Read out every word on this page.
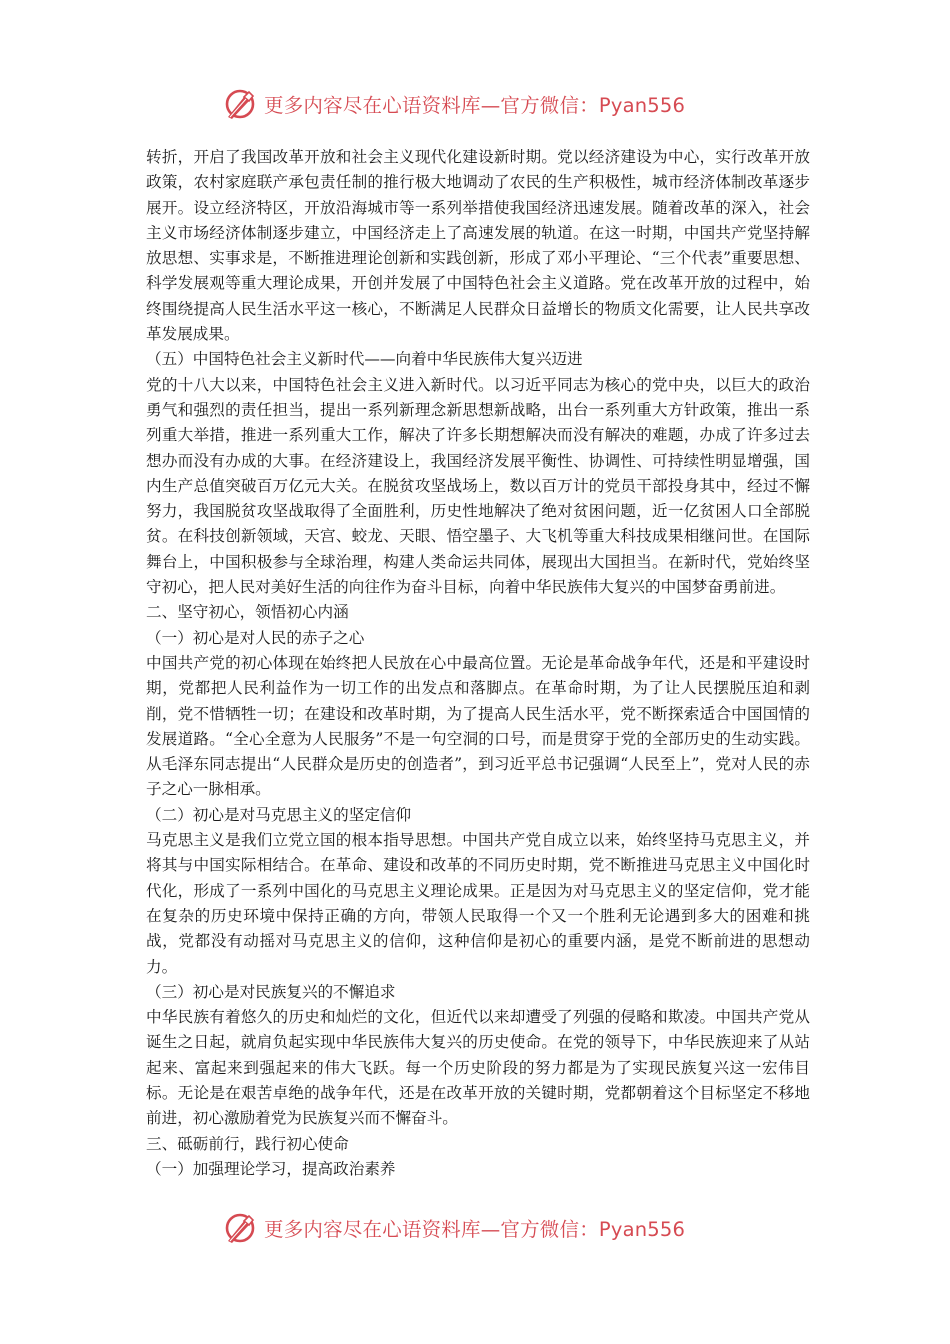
更多内容尽在心语资料库—官方微信：Pyan556

转折，开启了我国改革开放和社会主义现代化建设新时期。党以经济建设为中心，实行改革开放政策，农村家庭联产承包责任制的推行极大地调动了农民的生产积极性，城市经济体制改革逐步展开。设立经济特区，开放沿海城市等一系列举措使我国经济迅速发展。随着改革的深入，社会主义市场经济体制逐步建立，中国经济走上了高速发展的轨道。在这一时期，中国共产党坚持解放思想、实事求是，不断推进理论创新和实践创新，形成了邓小平理论、“三个代表”重要思想、科学发展观等重大理论成果，开创并发展了中国特色社会主义道路。党在改革开放的过程中，始终围绕提高人民生活水平这一核心，不断满足人民群众日益增长的物质文化需要，让人民共享改革发展成果。

（五）中国特色社会主义新时代——向着中华民族伟大复兴迈进

党的十八大以来，中国特色社会主义进入新时代。以习近平同志为核心的党中央，以巨大的政治勇气和强烈的责任担当，提出一系列新理念新思想新战略，出台一系列重大方针政策，推出一系列重大举措，推进一系列重大工作，解决了许多长期想解决而没有解决的难题，办成了许多过去想办而没有办成的大事。在经济建设上，我国经济发展平衡性、协调性、可持续性明显增强，国内生产总值突破百万亿元大关。在脱贫攻坚战场上，数以百万计的党员干部投身其中，经过不懈努力，我国脱贫攻坚战取得了全面胜利，历史性地解决了绝对贫困问题，近一亿贫困人口全部脱贫。在科技创新领域，天宫、蛟龙、天眼、悟空墨子、大飞机等重大科技成果相继问世。在国际舞台上，中国积极参与全球治理，构建人类命运共同体，展现出大国担当。在新时代，党始终坚守初心，把人民对美好生活的向往作为奋斗目标，向着中华民族伟大复兴的中国梦奋勇前进。

二、坚守初心，领悟初心内涵

（一）初心是对人民的赤子之心

中国共产党的初心体现在始终把人民放在心中最高位置。无论是革命战争年代，还是和平建设时期，党都把人民利益作为一切工作的出发点和落脚点。在革命时期，为了让人民摆脱压迫和剥削，党不惜牺牲一切；在建设和改革时期，为了提高人民生活水平，党不断探索适合中国国情的发展道路。“全心全意为人民服务”不是一句空洞的口号，而是贯穿于党的全部历史的生动实践。从毛泽东同志提出“人民群众是历史的创造者”，到习近平总书记强调“人民至上”，党对人民的赤子之心一脉相承。

（二）初心是对马克思主义的坚定信仰

马克思主义是我们立党立国的根本指导思想。中国共产党自成立以来，始终坚持马克思主义，并将其与中国实际相结合。在革命、建设和改革的不同历史时期，党不断推进马克思主义中国化时代化，形成了一系列中国化的马克思主义理论成果。正是因为对马克思主义的坚定信仰，党才能在复杂的历史环境中保持正确的方向，带领人民取得一个又一个胜利无论遇到多大的困难和挑战，党都没有动摇对马克思主义的信仰，这种信仰是初心的重要内涵，是党不断前进的思想动力。

（三）初心是对民族复兴的不懈追求

中华民族有着悠久的历史和灿烂的文化，但近代以来却遭受了列强的侵略和欺凌。中国共产党从诞生之日起，就肩负起实现中华民族伟大复兴的历史使命。在党的领导下，中华民族迎来了从站起来、富起来到强起来的伟大飞跃。每一个历史阶段的努力都是为了实现民族复兴这一宏伟目标。无论是在艰苦卓绝的战争年代，还是在改革开放的关键时期，党都朝着这个目标坚定不移地前进，初心激励着党为民族复兴而不懈奋斗。

三、砥砺前行，践行初心使命

（一）加强理论学习，提高政治素养

更多内容尽在心语资料库—官方微信：Pyan556
